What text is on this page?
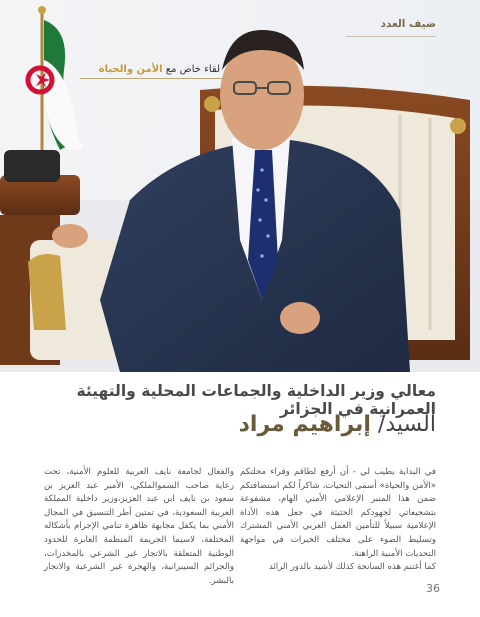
ضيف العدد
لقاء خاص مع الأمن والحياة
معالي وزير الداخلية والجماعات المحلية والتهيئة العمرانية في الجزائر
السيد/ إبراهيم مراد

في البداية يطيب لي - أن أرفع لطاقم وقراء مجلتكم «الأمن والحياة» أسمى التحيات، شاكراً لكم استضافتكم ضمن هذا المنبر الإعلامي الأمني الهام، مشفوعة بتشجيعاتي لجهودكم الحثيثة في جعل هذه الأداة الإعلامية سبيلاً للتأمين العمل العربي الأمني المشترك وتسليط الضوء على مختلف الخبرات في مواجهة التحديات الأمنية الراهنة.

كما أغتنم هذه السانحة كذلك لأشيد بالدور الرائد

والفعال لجامعة نايف العربية للعلوم الأمنية، تحت رعاية صاحب السموالملكي، الأمير عبد العزيز بن سعود بن نايف ابن عبد العزيز،وزير داخلية المملكة العربية السعودية، في تمتين أطر التنسيق في المجال الأمني بما يكفل مجابهة ظاهرة تنامي الإجرام بأشكاله المختلفة، لاسيما الجريمة المنظمة العابرة للحدود الوطنية المتعلقة بالاتجار غير الشرعي بالمخدرات، والجرائم السيبرانية، والهجرة غير الشرعية والاتجار بالبشر.

36
